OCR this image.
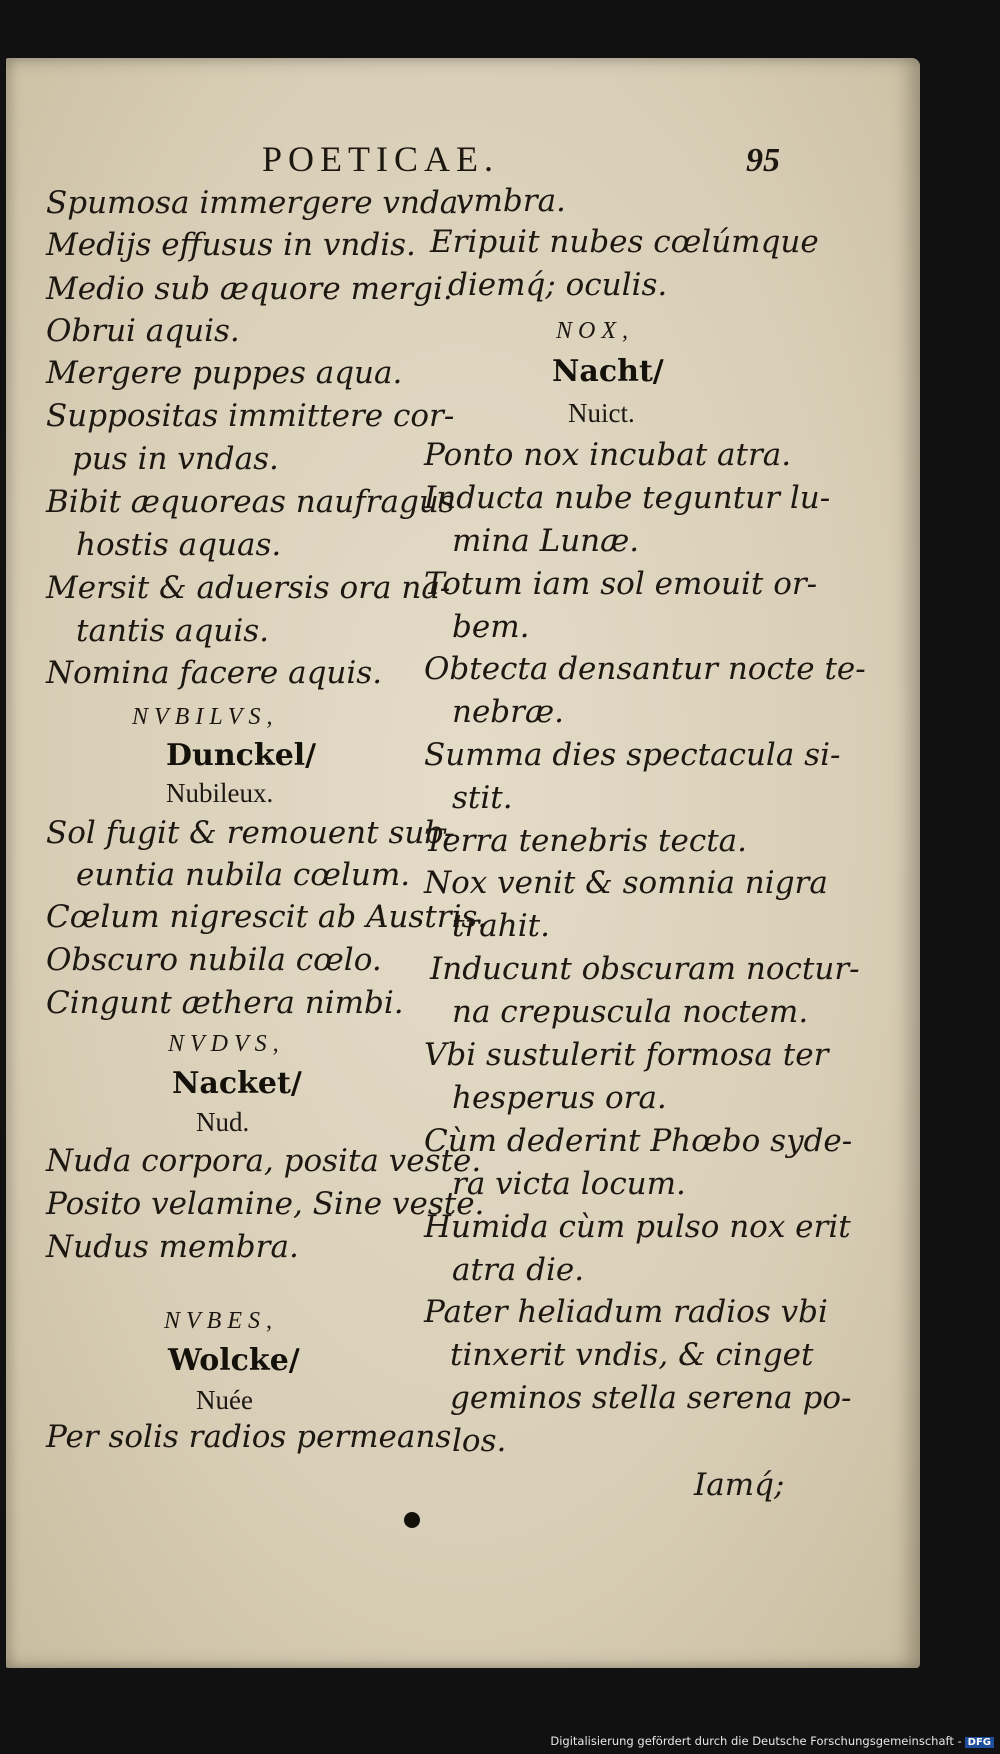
POETICAE.	95
Spumosa immergere vnda.
Medijs effusus in vndis.
Medio sub æquore mergi.
Obrui aquis.
Mergere puppes aqua.
Suppositas immittere cor-
pus in vndas.
Bibit æquoreas naufragus
hostis aquas.
Mersit & aduersis ora na-
tantis aquis.
Nomina facere aquis.
NVBILVS,
Dunckel/
Nubileux.
Sol fugit & remouent sub-
euntia nubila cœlum.
Cœlum nigrescit ab Austris.
Obscuro nubila cœlo.
Cingunt æthera nimbi.
NVDVS,
Nacket/
Nud.
Nuda corpora, posita veste.
Posito velamine, Sine veste.
Nudus membra.
NVBES,
Wolcke/
Nuée
Per solis radios permeans
vmbra.
Eripuit nubes cœlúmque
diemq́; oculis.
NOX,
Nacht/
Nuict.
Ponto nox incubat atra.
Inducta nube teguntur lu-
mina Lunæ.
Totum iam sol emouit or-
bem.
Obtecta densantur nocte te-
nebræ.
Summa dies spectacula si-
stit.
Terra tenebris tecta.
Nox venit & somnia nigra
trahit.
Inducunt obscuram noctur-
na crepuscula noctem.
Vbi sustulerit formosa ter
hesperus ora.
Cùm dederint Phœbo syde-
ra victa locum.
Humida cùm pulso nox erit
atra die.
Pater heliadum radios vbi
tinxerit vndis, & cinget
geminos stella serena po-
los.
Iamq́;
Digitalisierung gefördert durch die Deutsche Forschungsgemeinschaft - DFG
